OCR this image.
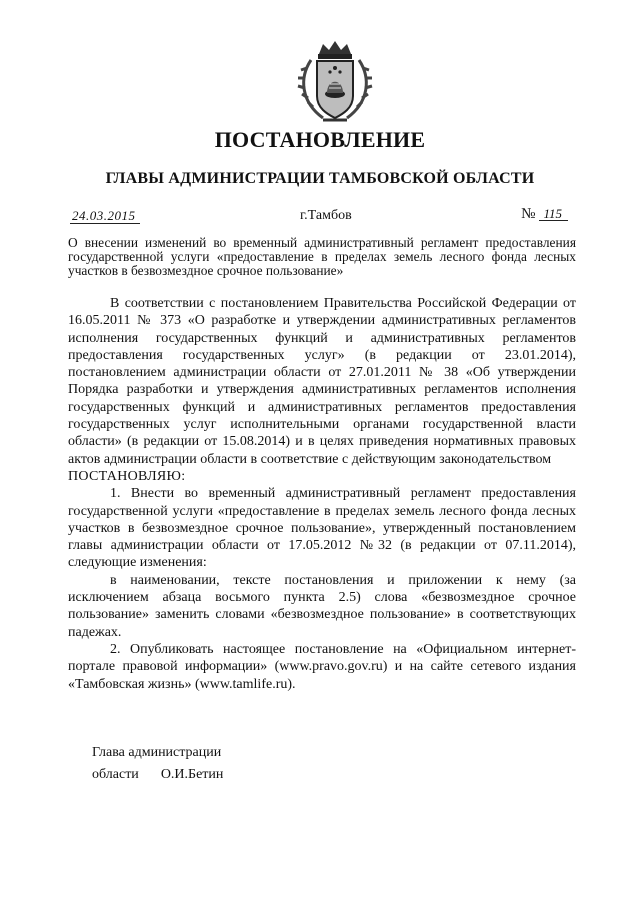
ПОСТАНОВЛЕНИЕ
ГЛАВЫ АДМИНИСТРАЦИИ ТАМБОВСКОЙ ОБЛАСТИ
24.03.2015	г.Тамбов	№ 115
О внесении изменений во временный административный регламент предоставления государственной услуги «предоставление в пределах земель лесного фонда лесных участков в безвозмездное срочное пользование»

В соответствии с постановлением Правительства Российской Федерации от 16.05.2011 № 373 «О разработке и утверждении административных регламентов исполнения государственных функций и административных регламентов предоставления государственных услуг» (в редакции от 23.01.2014), постановлением администрации области от 27.01.2011 № 38 «Об утверждении Порядка разработки и утверждения административных регламентов исполнения государственных функций и административных регламентов предоставления государственных услуг исполнительными органами государственной власти области» (в редакции от 15.08.2014) и в целях приведения нормативных правовых актов администрации области в соответствие с действующим законодательством

ПОСТАНОВЛЯЮ:

1. Внести во временный административный регламент предоставления государственной услуги «предоставление в пределах земель лесного фонда лесных участков в безвозмездное срочное пользование», утвержденный постановлением главы администрации области от 17.05.2012 №32 (в редакции от 07.11.2014), следующие изменения:

в наименовании, тексте постановления и приложении к нему (за исключением абзаца восьмого пункта 2.5) слова «безвозмездное срочное пользование» заменить словами «безвозмездное пользование» в соответствующих падежах.

2. Опубликовать настоящее постановление на «Официальном интернет-портале правовой информации» (www.pravo.gov.ru) и на сайте сетевого издания «Тамбовская жизнь» (www.tamlife.ru).

Глава администрации
области О.И.Бетин
